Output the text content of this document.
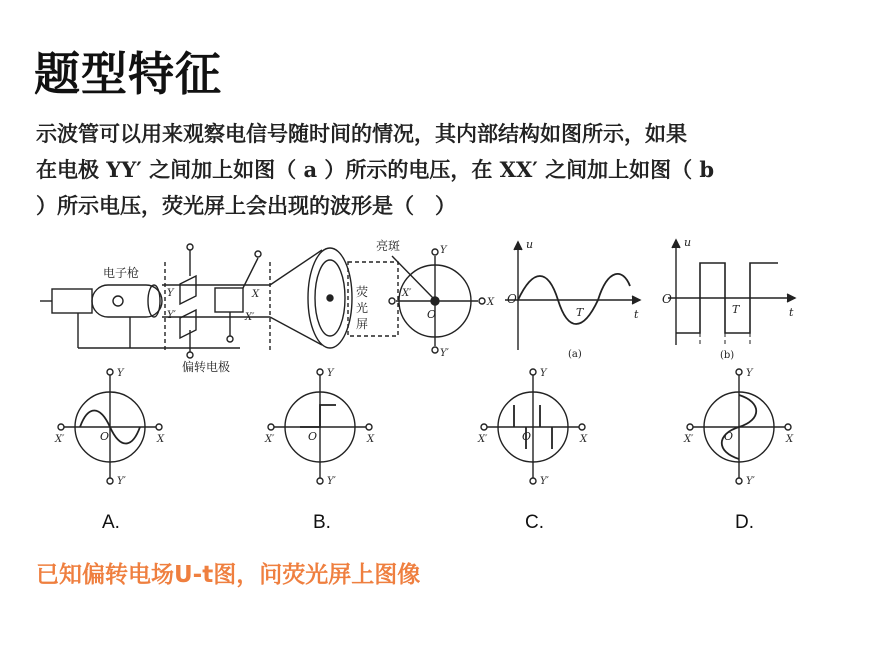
题型特征
示波管可以用来观察电信号随时间的情况，其内部结构如图所示，如果
在电极 YY′ 之间加上如图（ a ）所示的电压，在 XX′ 之间加上如图（ b
）所示电压，荧光屏上会出现的波形是（　）
电子枪
偏转电极
亮斑
荧
光
屏
Y
Y′
X
X′	O
Y
Y′
X
X′
u
O
t
T
(a)
u
O
t
T
(b)
Y
Y′
X′	X
O
Y
Y′
X′	X
O
Y
Y′
X′	X
O
Y
Y′
X′	X
O
A.	B.	C.	D.
已知偏转电场U-t图，问荧光屏上图像
